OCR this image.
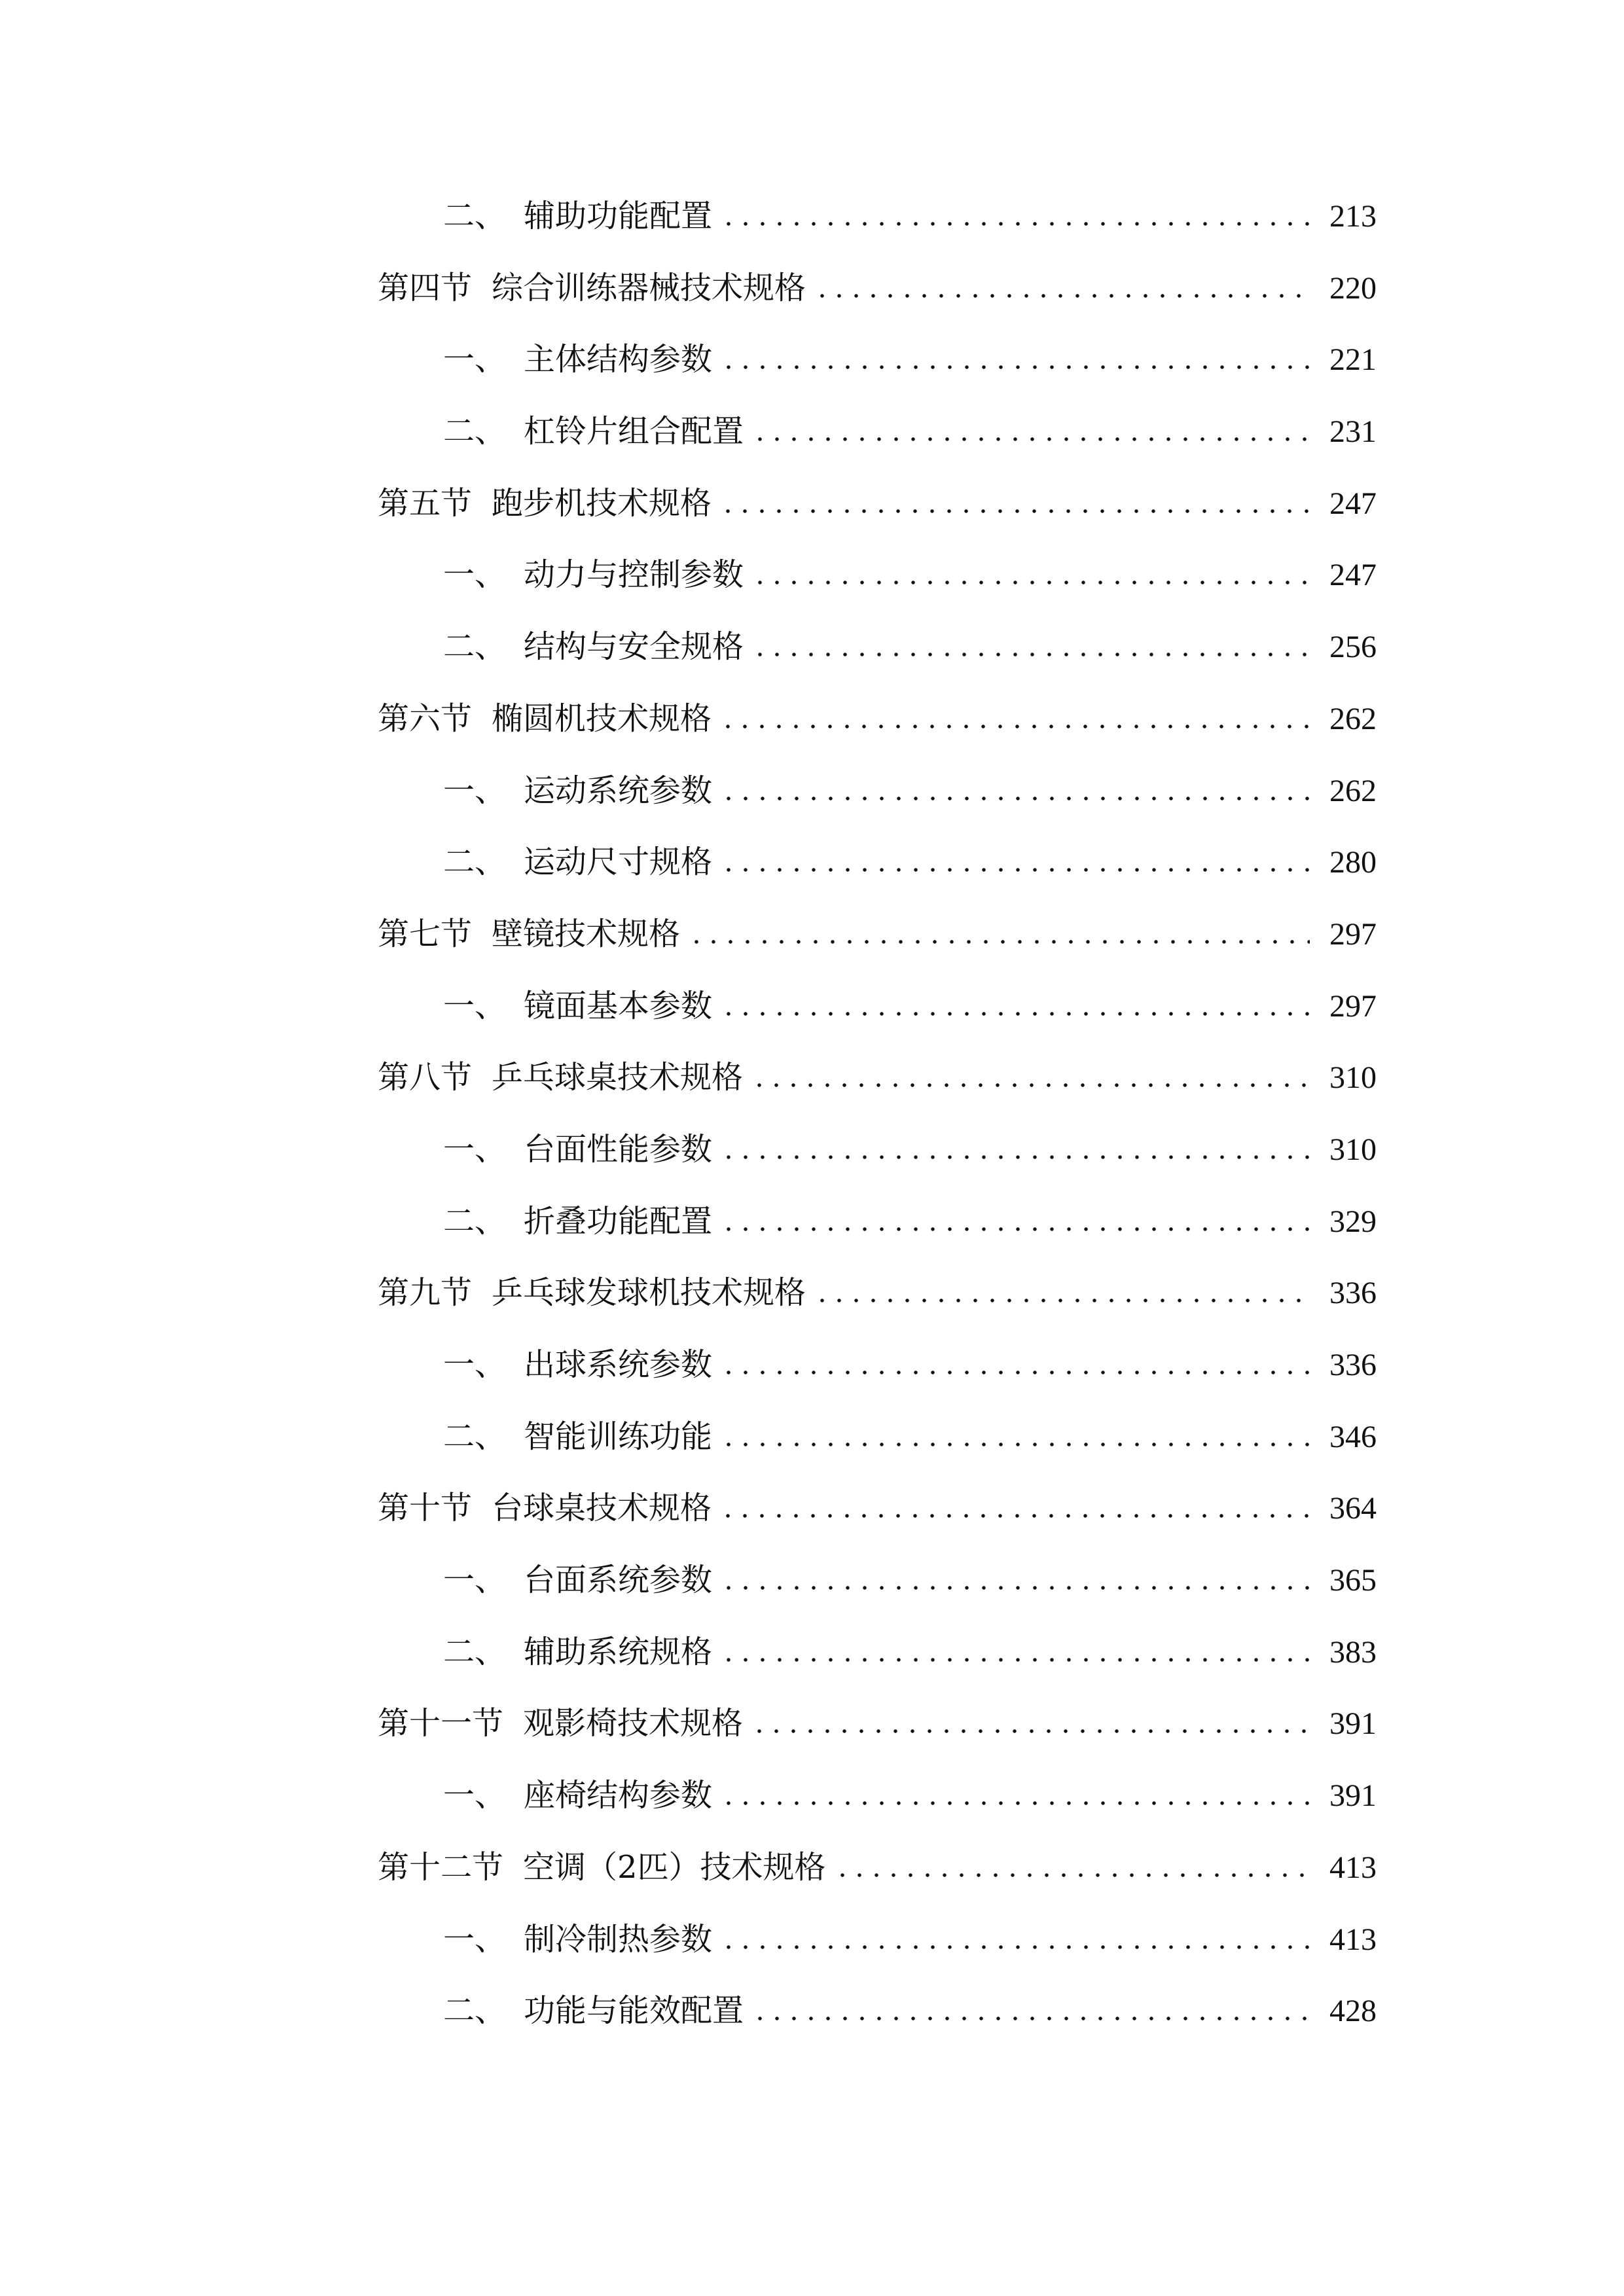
二、 辅助功能配置	213
第四节 综合训练器械技术规格	220
一、 主体结构参数	221
二、 杠铃片组合配置	231
第五节 跑步机技术规格	247
一、 动力与控制参数	247
二、 结构与安全规格	256
第六节 椭圆机技术规格	262
一、 运动系统参数	262
二、 运动尺寸规格	280
第七节 壁镜技术规格	297
一、 镜面基本参数	297
第八节 乒乓球桌技术规格	310
一、 台面性能参数	310
二、 折叠功能配置	329
第九节 乒乓球发球机技术规格	336
一、 出球系统参数	336
二、 智能训练功能	346
第十节 台球桌技术规格	364
一、 台面系统参数	365
二、 辅助系统规格	383
第十一节 观影椅技术规格	391
一、 座椅结构参数	391
第十二节 空调（2匹）技术规格	413
一、 制冷制热参数	413
二、 功能与能效配置	428
